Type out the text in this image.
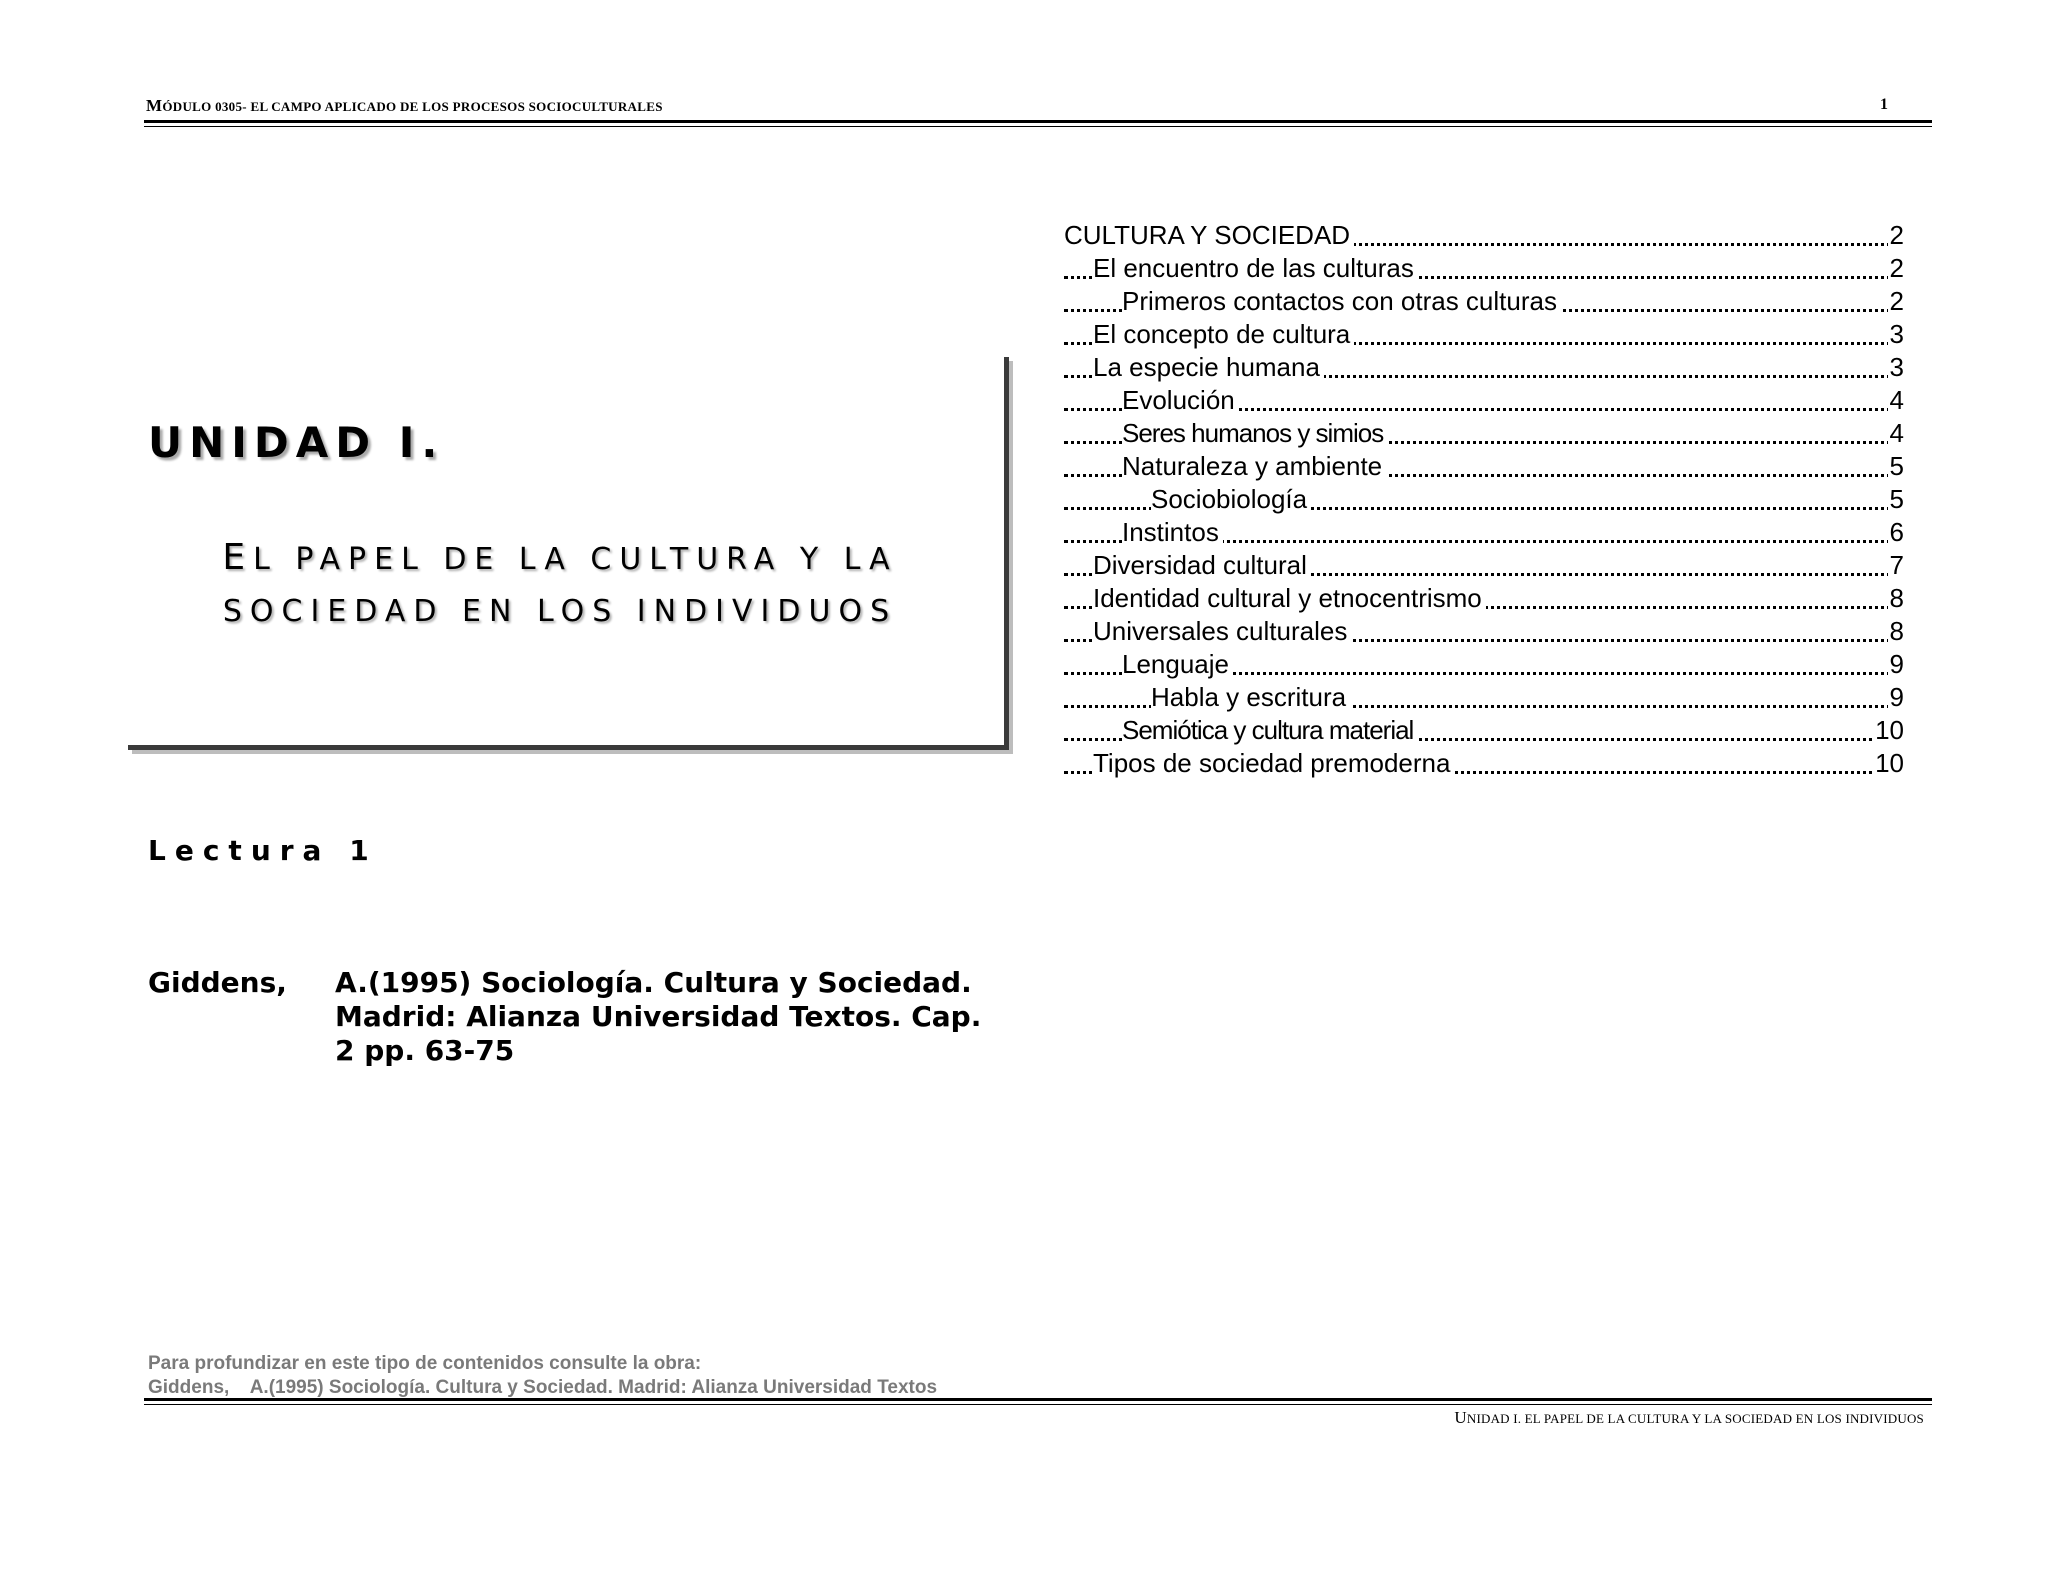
MÓDULO 0305- EL CAMPO APLICADO DE LOS PROCESOS SOCIOCULTURALES	1
UNIDAD I.
EL PAPEL DE LA CULTURA Y LA
SOCIEDAD EN LOS INDIVIDUOS
Lectura 1
Giddens, A.(1995) Sociología. Cultura y Sociedad.
Madrid: Alianza Universidad Textos. Cap.
2 pp. 63-75
CULTURA Y SOCIEDAD	2
El encuentro de las culturas	2
Primeros contactos con otras culturas	2
El concepto de cultura	3
La especie humana	3
Evolución	4
Seres humanos y simios	4
Naturaleza y ambiente	5
Sociobiología	5
Instintos	6
Diversidad cultural	7
Identidad cultural y etnocentrismo	8
Universales culturales	8
Lenguaje	9
Habla y escritura	9
Semiótica y cultura material	10
Tipos de sociedad premoderna	10
Para profundizar en este tipo de contenidos consulte la obra:
Giddens,    A.(1995) Sociología. Cultura y Sociedad. Madrid: Alianza Universidad Textos
UNIDAD I. EL PAPEL DE LA CULTURA Y LA SOCIEDAD EN LOS INDIVIDUOS
